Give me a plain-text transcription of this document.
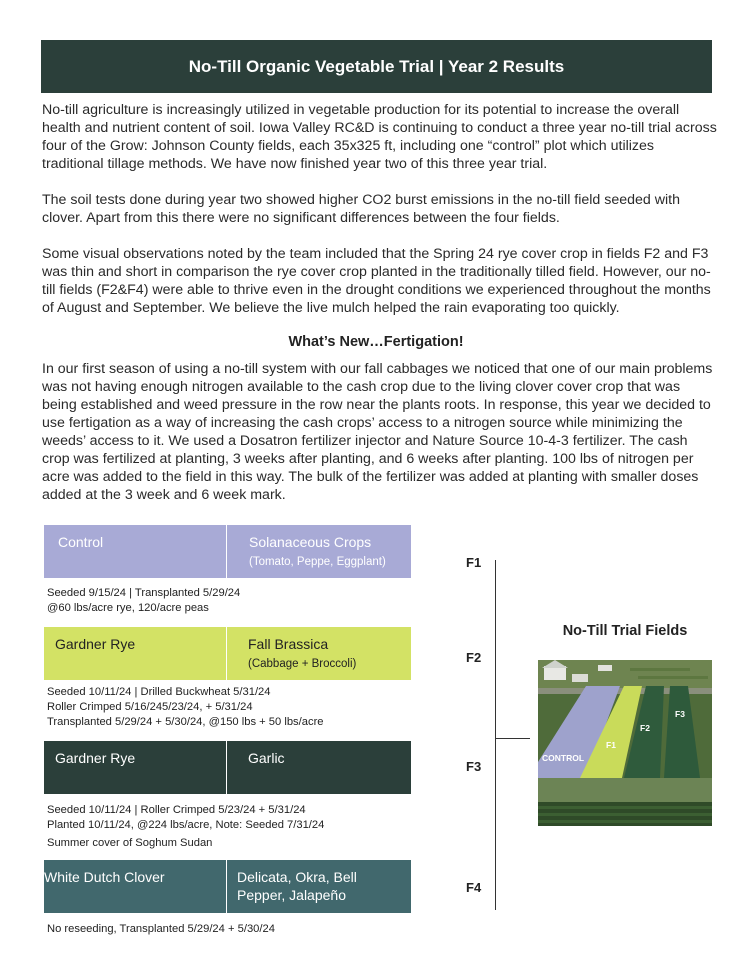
No-Till Organic Vegetable Trial | Year 2 Results

No-till agriculture is increasingly utilized in vegetable production for its potential to increase the overall health and nutrient content of soil. Iowa Valley RC&D is continuing to conduct a three year no-till trial across four of the Grow: Johnson County fields, each 35x325 ft, including one “control” plot which utilizes traditional tillage methods. We have now finished year two of this three year trial.

The soil tests done during year two showed higher CO2 burst emissions in the no-till field seeded with clover. Apart from this there were no significant differences between the four fields.

Some visual observations noted by the team included that the Spring 24 rye cover crop in fields F2 and F3 was thin and short in comparison the rye cover crop planted in the traditionally tilled field. However, our no-till fields (F2&F4) were able to thrive even in the drought conditions we experienced throughout the months of August and September. We believe the live mulch helped the rain evaporating too quickly.

What’s New…Fertigation!

In our first season of using a no-till system with our fall cabbages we noticed that one of our main problems was not having enough nitrogen available to the cash crop due to the living clover cover crop that was being established and weed pressure in the row near the plants roots. In response, this year we decided to use fertigation as a way of increasing the cash crops’ access to a nitrogen source while minimizing the weeds’ access to it. We used a Dosatron fertilizer injector and Nature Source 10-4-3 fertilizer. The cash crop was fertilized at planting, 3 weeks after planting, and 6 weeks after planting. 100 lbs of nitrogen per acre was added to the field in this way. The bulk of the fertilizer was added at planting with smaller doses added at the 3 week and 6 week mark.

Control	Solanaceous Crops
(Tomato, Peppe, Eggplant)
Seeded 9/15/24 | Transplanted 5/29/24
@60 lbs/acre rye, 120/acre peas
Gardner Rye	Fall Brassica
(Cabbage + Broccoli)
Seeded 10/11/24 | Drilled Buckwheat 5/31/24
Roller Crimped 5/16/245/23/24, + 5/31/24
Transplanted 5/29/24 + 5/30/24, @150 lbs + 50 lbs/acre
Gardner Rye	Garlic
Seeded 10/11/24 | Roller Crimped 5/23/24 + 5/31/24
Planted 10/11/24, @224 lbs/acre, Note: Seeded 7/31/24
Summer cover of Soghum Sudan
White Dutch Clover	Delicata, Okra, Bell Pepper, Jalapeño
No reseeding, Transplanted 5/29/24 + 5/30/24
F1
F2
F3
F4
No-Till Trial Fields
CONTROL
F1
F2
F3
